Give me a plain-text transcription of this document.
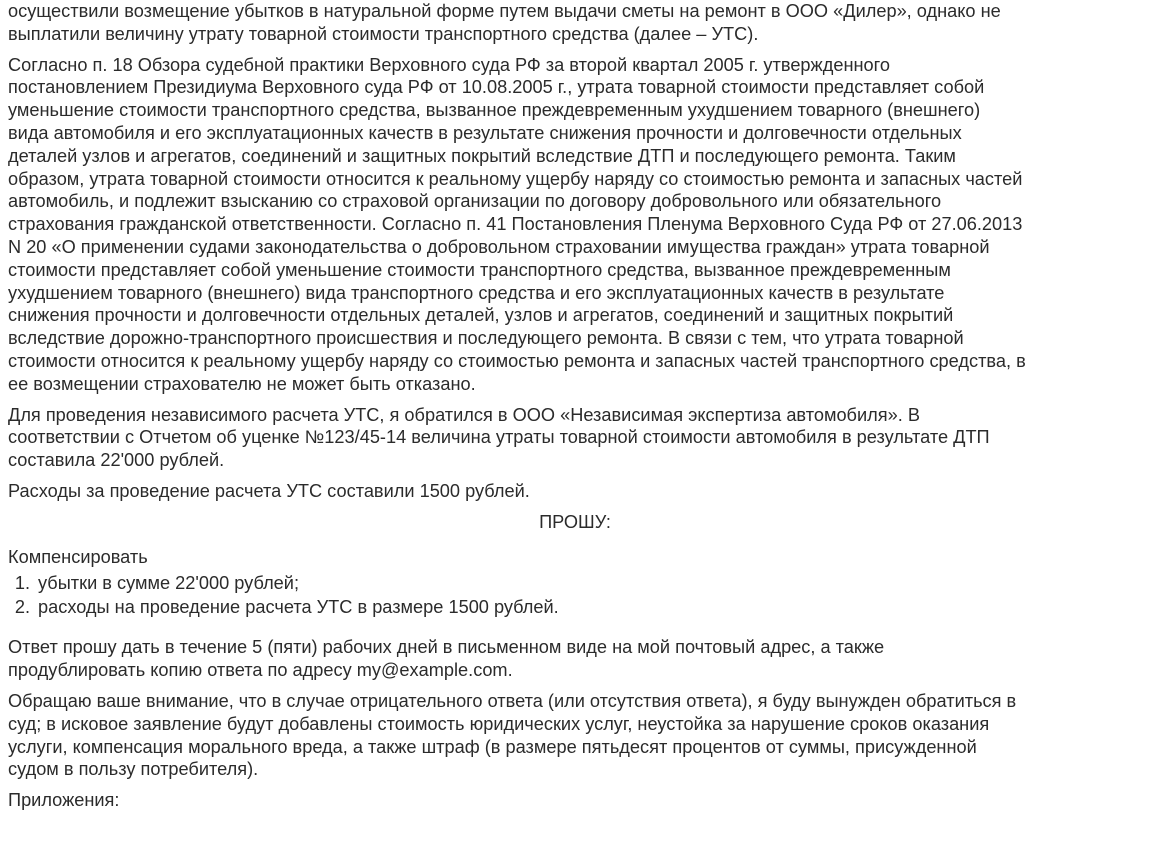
осуществили возмещение убытков в натуральной форме путем выдачи сметы на ремонт в ООО «Дилер», однако не
выплатили величину утрату товарной стоимости транспортного средства (далее – УТС).
Согласно п. 18 Обзора судебной практики Верховного суда РФ за второй квартал 2005 г. утвержденного
постановлением Президиума Верховного суда РФ от 10.08.2005 г., утрата товарной стоимости представляет собой
уменьшение стоимости транспортного средства, вызванное преждевременным ухудшением товарного (внешнего)
вида автомобиля и его эксплуатационных качеств в результате снижения прочности и долговечности отдельных
деталей узлов и агрегатов, соединений и защитных покрытий вследствие ДТП и последующего ремонта. Таким
образом, утрата товарной стоимости относится к реальному ущербу наряду со стоимостью ремонта и запасных частей
автомобиль, и подлежит взысканию со страховой организации по договору добровольного или обязательного
страхования гражданской ответственности. Согласно п. 41 Постановления Пленума Верховного Суда РФ от 27.06.2013
N 20 «О применении судами законодательства о добровольном страховании имущества граждан» утрата товарной
стоимости представляет собой уменьшение стоимости транспортного средства, вызванное преждевременным
ухудшением товарного (внешнего) вида транспортного средства и его эксплуатационных качеств в результате
снижения прочности и долговечности отдельных деталей, узлов и агрегатов, соединений и защитных покрытий
вследствие дорожно-транспортного происшествия и последующего ремонта. В связи с тем, что утрата товарной
стоимости относится к реальному ущербу наряду со стоимостью ремонта и запасных частей транспортного средства, в
ее возмещении страхователю не может быть отказано.
Для проведения независимого расчета УТС, я обратился в ООО «Независимая экспертиза автомобиля». В
соответствии с Отчетом об уценке №123/45-14 величина утраты товарной стоимости автомобиля в результате ДТП
составила 22'000 рублей.
Расходы за проведение расчета УТС составили 1500 рублей.
ПРОШУ:
Компенсировать
1. убытки в сумме 22'000 рублей;
2. расходы на проведение расчета УТС в размере 1500 рублей.
Ответ прошу дать в течение 5 (пяти) рабочих дней в письменном виде на мой почтовый адрес, а также
продублировать копию ответа по адресу my@example.com.
Обращаю ваше внимание, что в случае отрицательного ответа (или отсутствия ответа), я буду вынужден обратиться в
суд; в исковое заявление будут добавлены стоимость юридических услуг, неустойка за нарушение сроков оказания
услуги, компенсация морального вреда, а также штраф (в размере пятьдесят процентов от суммы, присужденной
судом в пользу потребителя).
Приложения:
